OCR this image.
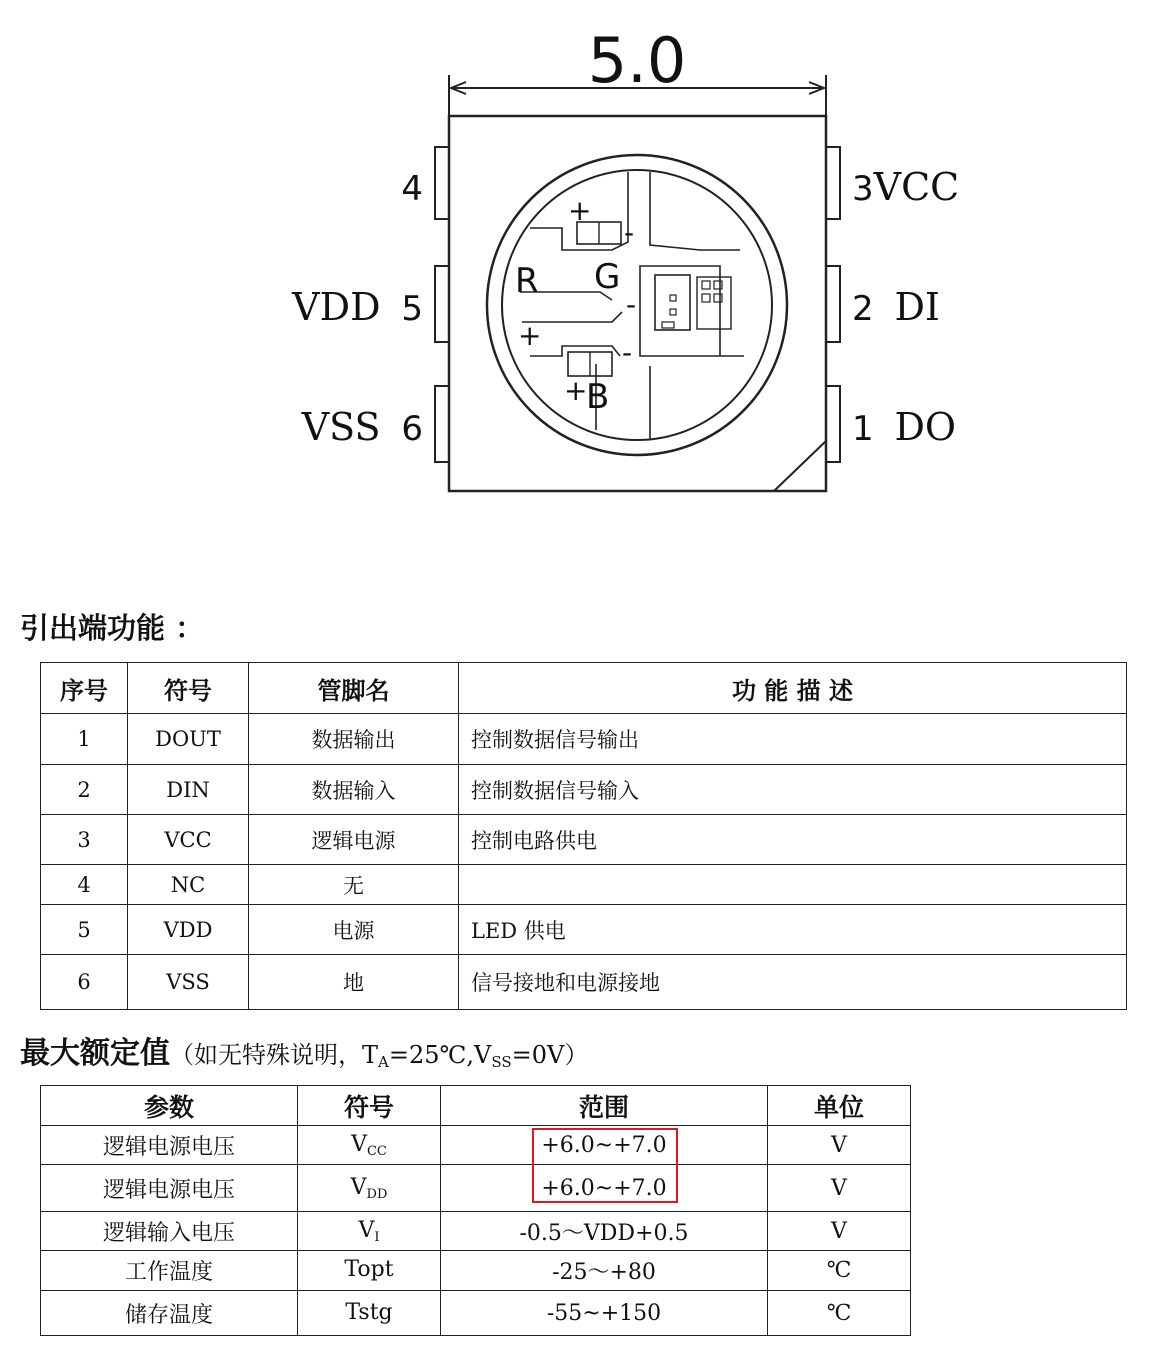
5.0
4
VDD 5
VSS 6
3VCC
2 DI
1 DO
R G
B
+
+
+
-
-
-
引出端功能 ：
序号	符号	管脚名	功 能 描 述
1	DOUT	数据输出	控制数据信号输出
2	DIN	数据输入	控制数据信号输入
3	VCC	逻辑电源	控制电路供电
4	NC	无	
5	VDD	电源	LED 供电
6	VSS	地	信号接地和电源接地
最大额定值（如无特殊说明，$T_A=25℃,V_{SS}=0V$）
参数	符号	范围	单位
逻辑电源电压	$V_{CC}$	+6.0~+7.0	V
逻辑电源电压	$V_{DD}$	+6.0~+7.0	V
逻辑输入电压	$V_I$	-0.5～VDD+0.5	V
工作温度	Topt	-25～+80	℃
储存温度	Tstg	-55~+150	℃
